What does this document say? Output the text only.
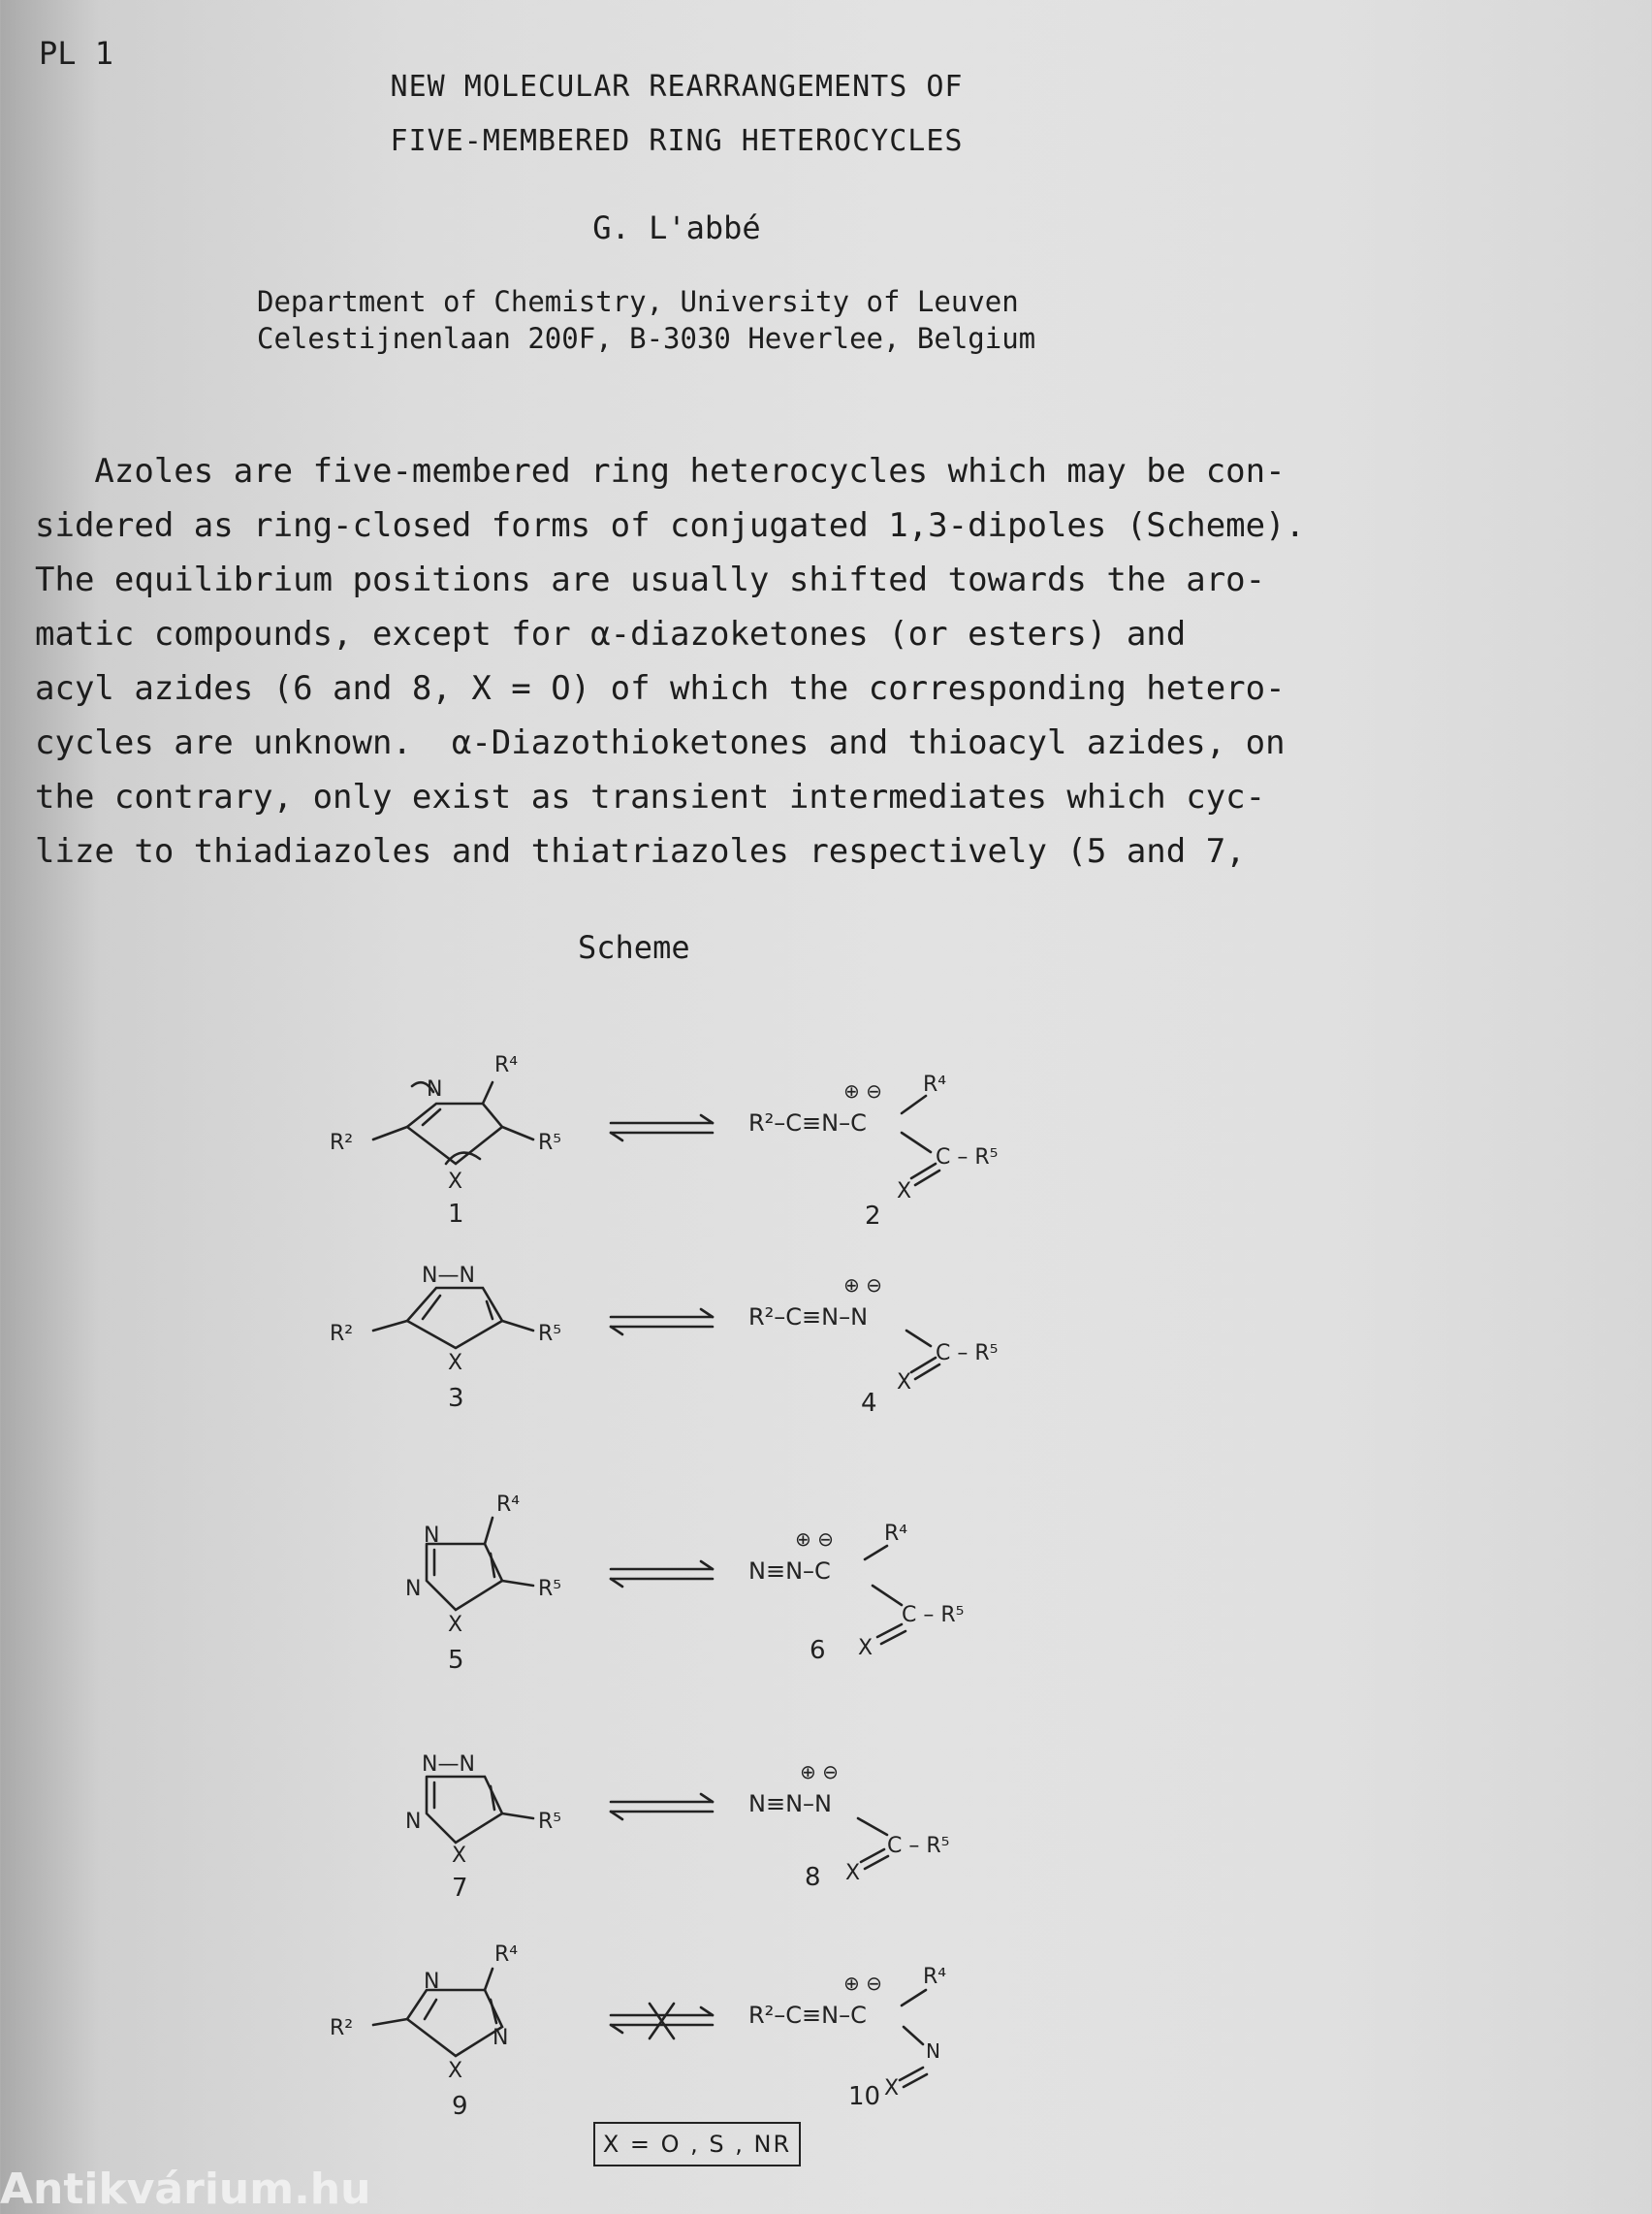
PL 1
NEW MOLECULAR REARRANGEMENTS OF
FIVE-MEMBERED RING HETEROCYCLES
G. L'abbé
Department of Chemistry, University of Leuven
Celestijnenlaan 200F, B-3030 Heverlee, Belgium
Azoles are five-membered ring heterocycles which may be con-
sidered as ring-closed forms of conjugated 1,3-dipoles (Scheme).
The equilibrium positions are usually shifted towards the aro-
matic compounds, except for α-diazoketones (or esters) and
acyl azides (6 and 8, X = O) of which the corresponding hetero-
cycles are unknown.  α-Diazothioketones and thioacyl azides, on
the contrary, only exist as transient intermediates which cyc-
lize to thiadiazoles and thiatriazoles respectively (5 and 7,
Scheme
N
R⁴
R⁵
R²
X
1
R²–C≡N–C
⊕ ⊖ R⁴
C – R⁵
X
2
N—N
R⁵
R²
X
3
R²–C≡N–N
⊕ ⊖
C – R⁵
X
4
N
N
R⁴
R⁵
X
5
N≡N–C
⊕ ⊖ R⁴
C – R⁵
X
6
N—N
N	R⁵
X
7
N≡N–N
⊕ ⊖
C – R⁵
X
8
N
R⁴
N
R²
X
9
R²–C≡N–C
⊕ ⊖ R⁴
N
X
10
X = O , S , NR
Antikvárium.hu
